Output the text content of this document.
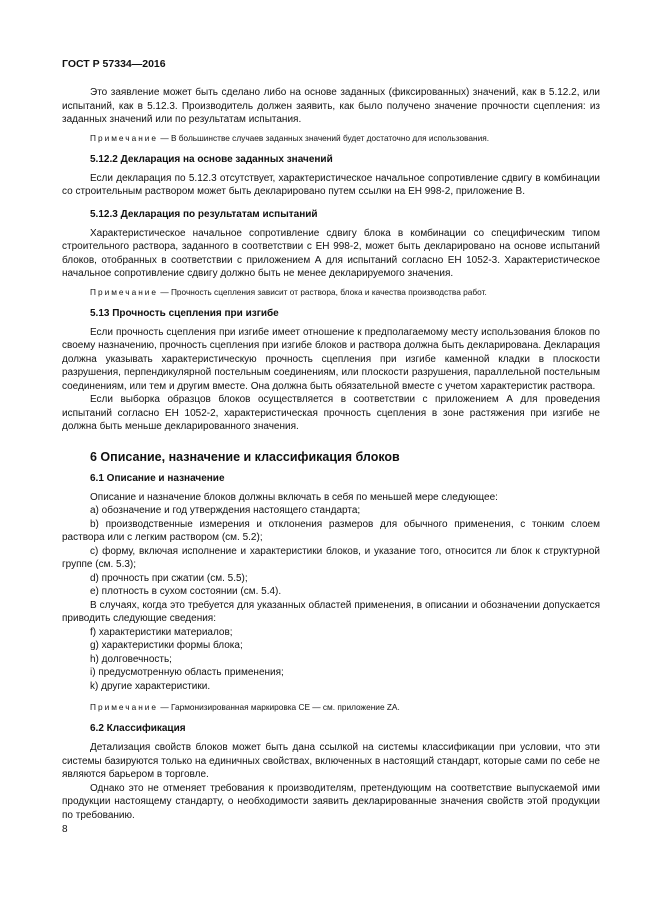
ГОСТ Р 57334—2016

Это заявление может быть сделано либо на основе заданных (фиксированных) значений, как в 5.12.2, или испытаний, как в 5.12.3. Производитель должен заявить, как было получено значение прочности сцепления: из заданных значений или по результатам испытания.

Примечание — В большинстве случаев заданных значений будет достаточно для использования.

5.12.2 Декларация на основе заданных значений

Если декларация по 5.12.3 отсутствует, характеристическое начальное сопротивление сдвигу в комбинации со строительным раствором может быть декларировано путем ссылки на ЕН 998-2, приложение В.

5.12.3 Декларация по результатам испытаний

Характеристическое начальное сопротивление сдвигу блока в комбинации со специфическим типом строительного раствора, заданного в соответствии с ЕН 998-2, может быть декларировано на основе испытаний блоков, отобранных в соответствии с приложением А для испытаний согласно ЕН 1052-3. Характеристическое начальное сопротивление сдвигу должно быть не менее декларируемого значения.

Примечание — Прочность сцепления зависит от раствора, блока и качества производства работ.

5.13 Прочность сцепления при изгибе

Если прочность сцепления при изгибе имеет отношение к предполагаемому месту использования блоков по своему назначению, прочность сцепления при изгибе блоков и раствора должна быть декларирована. Декларация должна указывать характеристическую прочность сцепления при изгибе каменной кладки в плоскости разрушения, перпендикулярной постельным соединениям, или плоскости разрушения, параллельной постельным соединениям, или тем и другим вместе. Она должна быть обязательной вместе с учетом характеристик раствора.

Если выборка образцов блоков осуществляется в соответствии с приложением А для проведения испытаний согласно ЕН 1052-2, характеристическая прочность сцепления в зоне растяжения при изгибе не должна быть меньше декларированного значения.

6 Описание, назначение и классификация блоков
6.1 Описание и назначение

Описание и назначение блоков должны включать в себя по меньшей мере следующее:

a) обозначение и год утверждения настоящего стандарта;

b) производственные измерения и отклонения размеров для обычного применения, с тонким слоем раствора или с легким раствором (см. 5.2);

c) форму, включая исполнение и характеристики блоков, и указание того, относится ли блок к структурной группе (см. 5.3);

d) прочность при сжатии (см. 5.5);

e) плотность в сухом состоянии (см. 5.4).

В случаях, когда это требуется для указанных областей применения, в описании и обозначении допускается приводить следующие сведения:

f) характеристики материалов;

g) характеристики формы блока;

h) долговечность;

i) предусмотренную область применения;

k) другие характеристики.

Примечание — Гармонизированная маркировка СЕ — см. приложение ZA.

6.2 Классификация

Детализация свойств блоков может быть дана ссылкой на системы классификации при условии, что эти системы базируются только на единичных свойствах, включенных в настоящий стандарт, которые сами по себе не являются барьером в торговле.

Однако это не отменяет требования к производителям, претендующим на соответствие выпускаемой ими продукции настоящему стандарту, о необходимости заявить декларированные значения свойств этой продукции по требованию.

8
